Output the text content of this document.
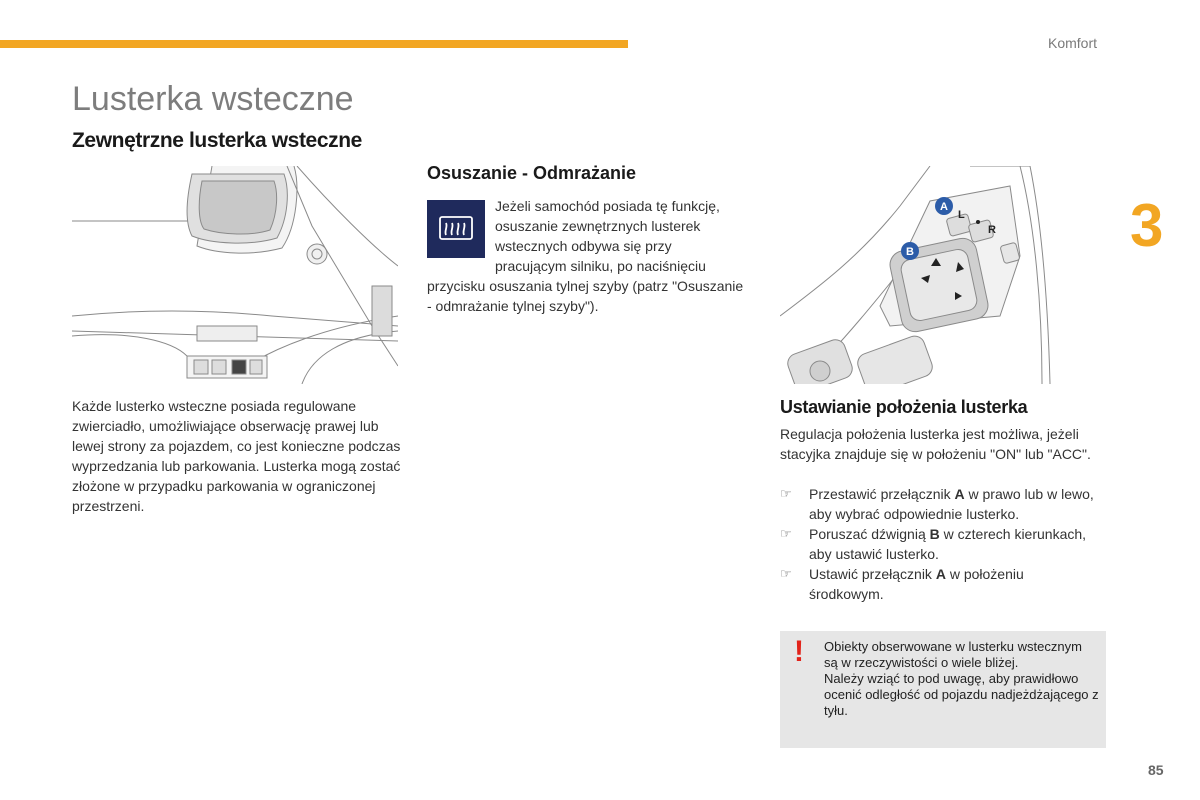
Komfort
3
Lusterka wsteczne
Zewnętrzne lusterka wsteczne

Każde lusterko wsteczne posiada regulowane zwierciadło, umożliwiające obserwację prawej lub lewej strony za pojazdem, co jest konieczne podczas wyprzedzania lub parkowania. Lusterka mogą zostać złożone w przypadku parkowania w ograniczonej przestrzeni.

Osuszanie - Odmrażanie

Jeżeli samochód posiada tę funkcję,
osuszanie zewnętrznych lusterek
wstecznych odbywa się przy
pracującym silniku, po naciśnięciu

przycisku osuszania tylnej szyby (patrz "Osuszanie - odmrażanie tylnej szyby").

L
R
A
B
Ustawianie położenia lusterka

Regulacja położenia lusterka jest możliwa, jeżeli stacyjka znajduje się w położeniu "ON" lub "ACC".

☞ Przestawić przełącznik A w prawo lub w lewo, aby wybrać odpowiednie lusterko.
☞ Poruszać dźwignią B w czterech kierunkach, aby ustawić lusterko.
☞ Ustawić przełącznik A w położeniu środkowym.
! Obiekty obserwowane w lusterku wstecznym są w rzeczywistości o wiele bliżej.
Należy wziąć to pod uwagę, aby prawidłowo ocenić odległość od pojazdu nadjeżdżającego z tyłu.

85
